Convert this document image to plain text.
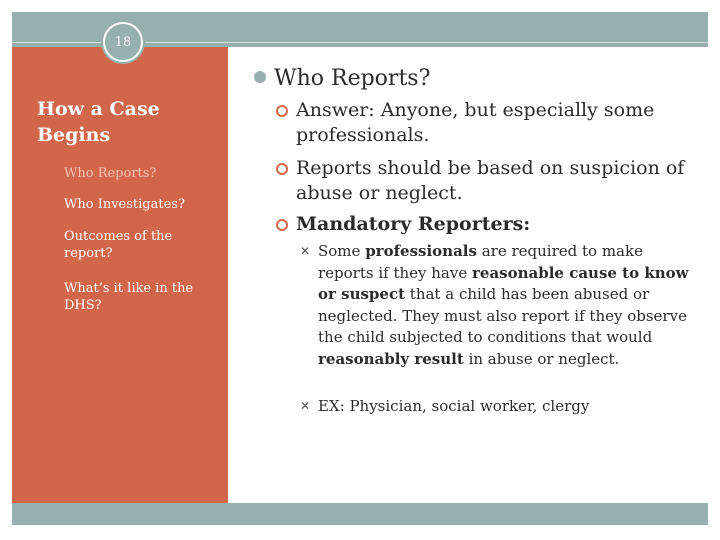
18
How a Case Begins
Who Reports?
Who Investigates?
Outcomes of the report?
What’s it like in the DHS?
Who Reports?
Answer: Anyone, but especially some professionals.
Reports should be based on suspicion of abuse or neglect.
Mandatory Reporters:
✕ Some professionals are required to make reports if they have reasonable cause to know or suspect that a child has been abused or neglected. They must also report if they observe the child subjected to conditions that would reasonably result in abuse or neglect.
✕ EX: Physician, social worker, clergy
